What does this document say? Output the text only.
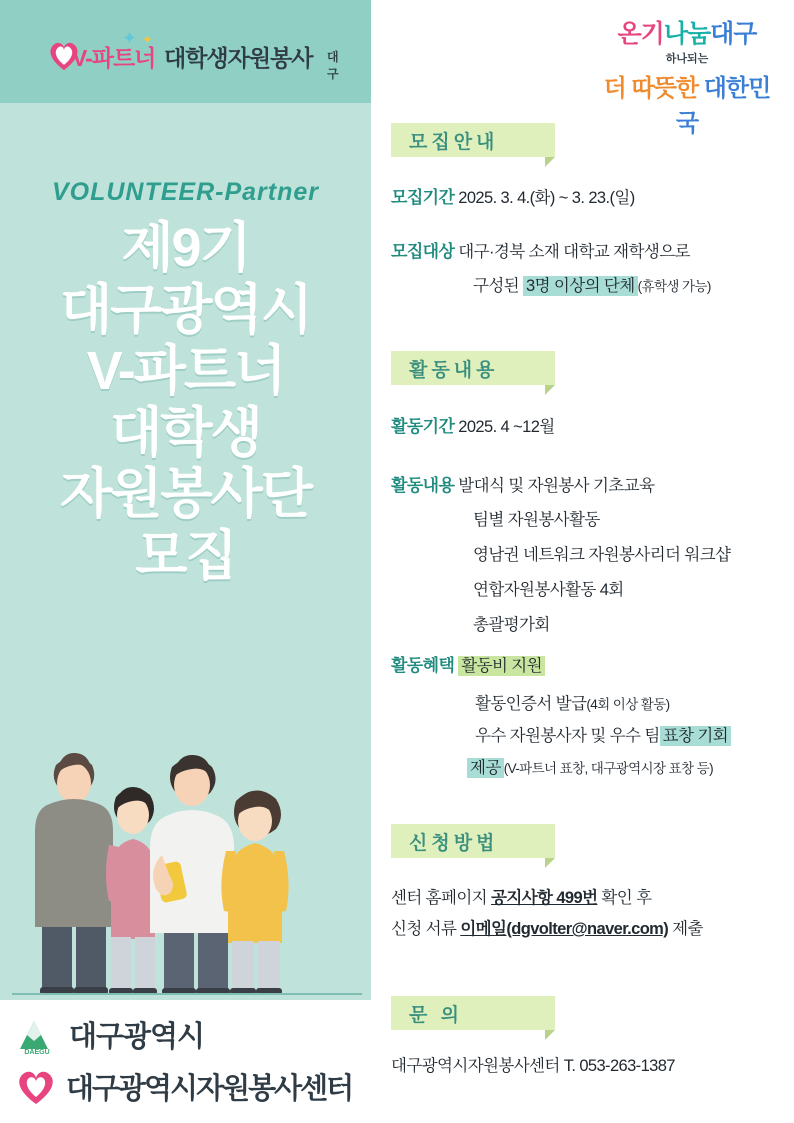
✦ ✦
V-파트너 대학생자원봉사 대구
VOLUNTEER-Partner
제9기
대구광역시
V-파트너
대학생
자원봉사단
모집
DAEGU 대구광역시
대구광역시자원봉사센터
온기나눔대구
하나되는
더 따뜻한 대한민국
모집안내
모집기간 2025. 3. 4.(화) ~ 3. 23.(일)
모집대상 대구·경북 소재 대학교 재학생으로
구성된 3명 이상의 단체 (휴학생 가능)
활동내용
활동기간 2025. 4 ~12월
활동내용 발대식 및 자원봉사 기초교육
팀별 자원봉사활동
영남권 네트워크 자원봉사리더 워크샵
연합자원봉사활동 4회
총괄평가회
활동혜택 활동비 지원
활동인증서 발급(4회 이상 활동)
우수 자원봉사자 및 우수 팀 표창 기회
제공 (V-파트너 표창, 대구광역시장 표창 등)
신청방법
센터 홈페이지 공지사항 499번 확인 후
신청 서류 이메일(dgvolter@naver.com) 제출
문 의
대구광역시자원봉사센터 T. 053-263-1387
